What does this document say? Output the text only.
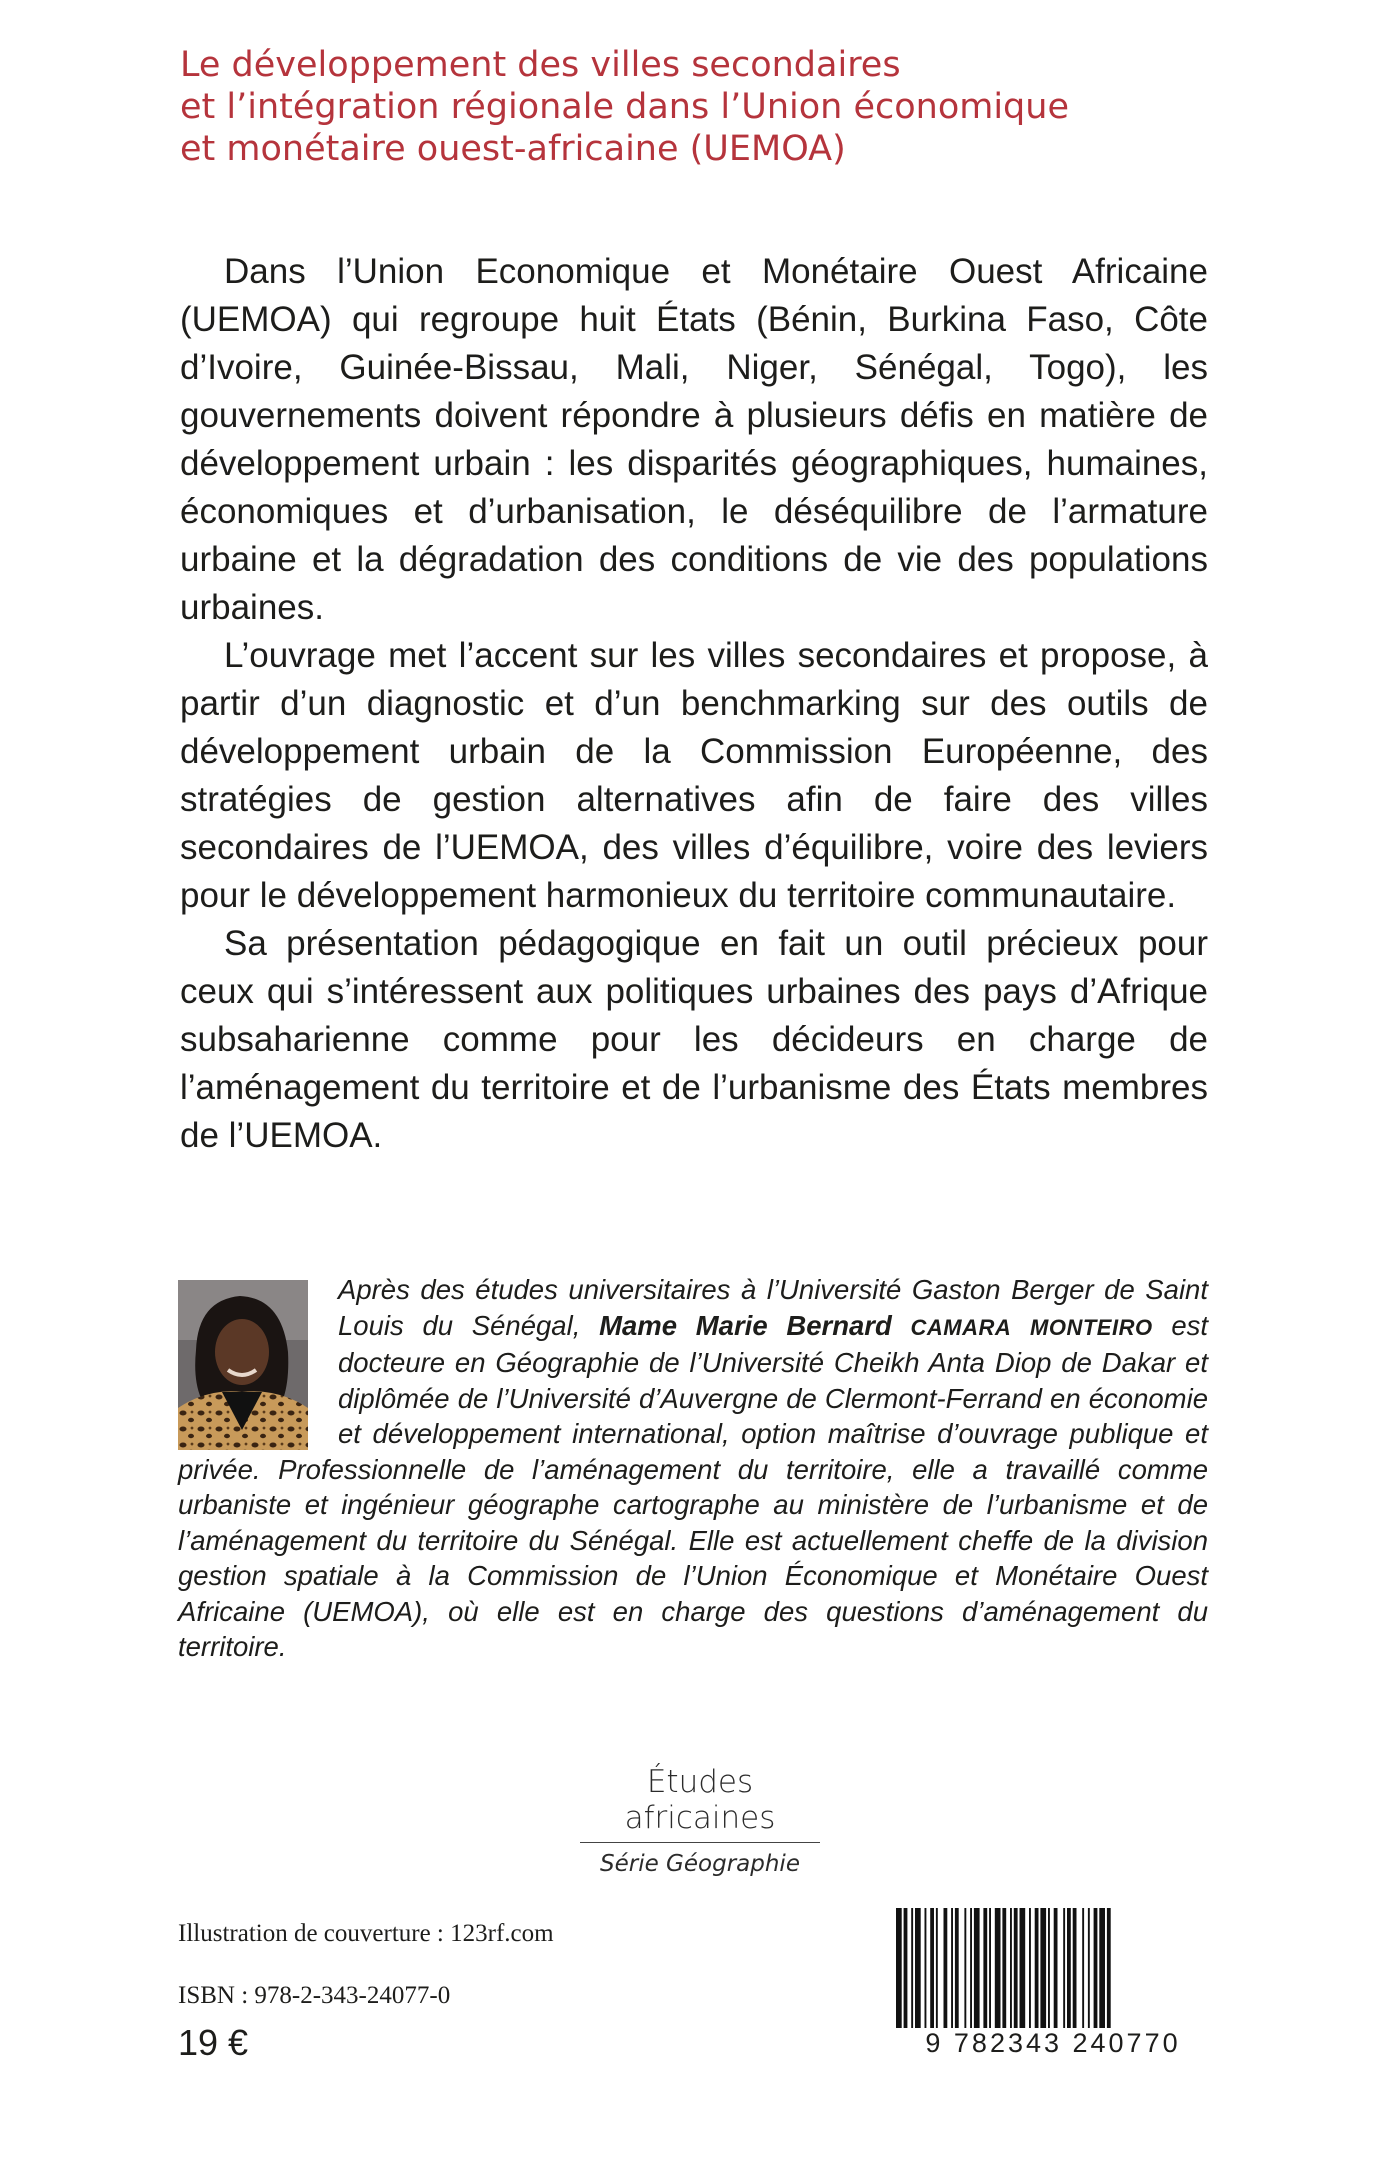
Le développement des villes secondaires
et l’intégration régionale dans l’Union économique
et monétaire ouest-africaine (UEMOA)

Dans l’Union Economique et Monétaire Ouest Africaine (UEMOA) qui regroupe huit États (Bénin, Burkina Faso, Côte d’Ivoire, Guinée-Bissau, Mali, Niger, Sénégal, Togo), les gouvernements doivent répondre à plusieurs défis en matière de développement urbain : les disparités géographiques, humaines, économiques et d’urbanisation, le déséquilibre de l’armature urbaine et la dégradation des conditions de vie des populations urbaines.

L’ouvrage met l’accent sur les villes secondaires et propose, à partir d’un diagnostic et d’un benchmarking sur des outils de développement urbain de la Commission Européenne, des stratégies de gestion alternatives afin de faire des villes secondaires de l’UEMOA, des villes d’équilibre, voire des leviers pour le développement harmonieux du territoire communautaire.

Sa présentation pédagogique en fait un outil précieux pour ceux qui s’intéressent aux politiques urbaines des pays d’Afrique subsaharienne comme pour les décideurs en charge de l’aménagement du territoire et de l’urbanisme des États membres de l’UEMOA.

Après des études universitaires à l’Université Gaston Berger de Saint Louis du Sénégal, Mame Marie Bernard CAMARA MONTEIRO est docteure en Géographie de l’Université Cheikh Anta Diop de Dakar et diplômée de l’Université d’Auvergne de Clermont-Ferrand en économie et développement international, option maîtrise d’ouvrage publique et privée. Professionnelle de l’aménagement du territoire, elle a travaillé comme urbaniste et ingénieur géographe cartographe au ministère de l’urbanisme et de l’aménagement du territoire du Sénégal. Elle est actuellement cheffe de la division gestion spatiale à la Commission de l’Union Économique et Monétaire Ouest Africaine (UEMOA), où elle est en charge des questions d’aménagement du territoire.
Études africaines
Série Géographie
Illustration de couverture : 123rf.com
ISBN : 978-2-343-24077-0
19 €	9 782343 240770
